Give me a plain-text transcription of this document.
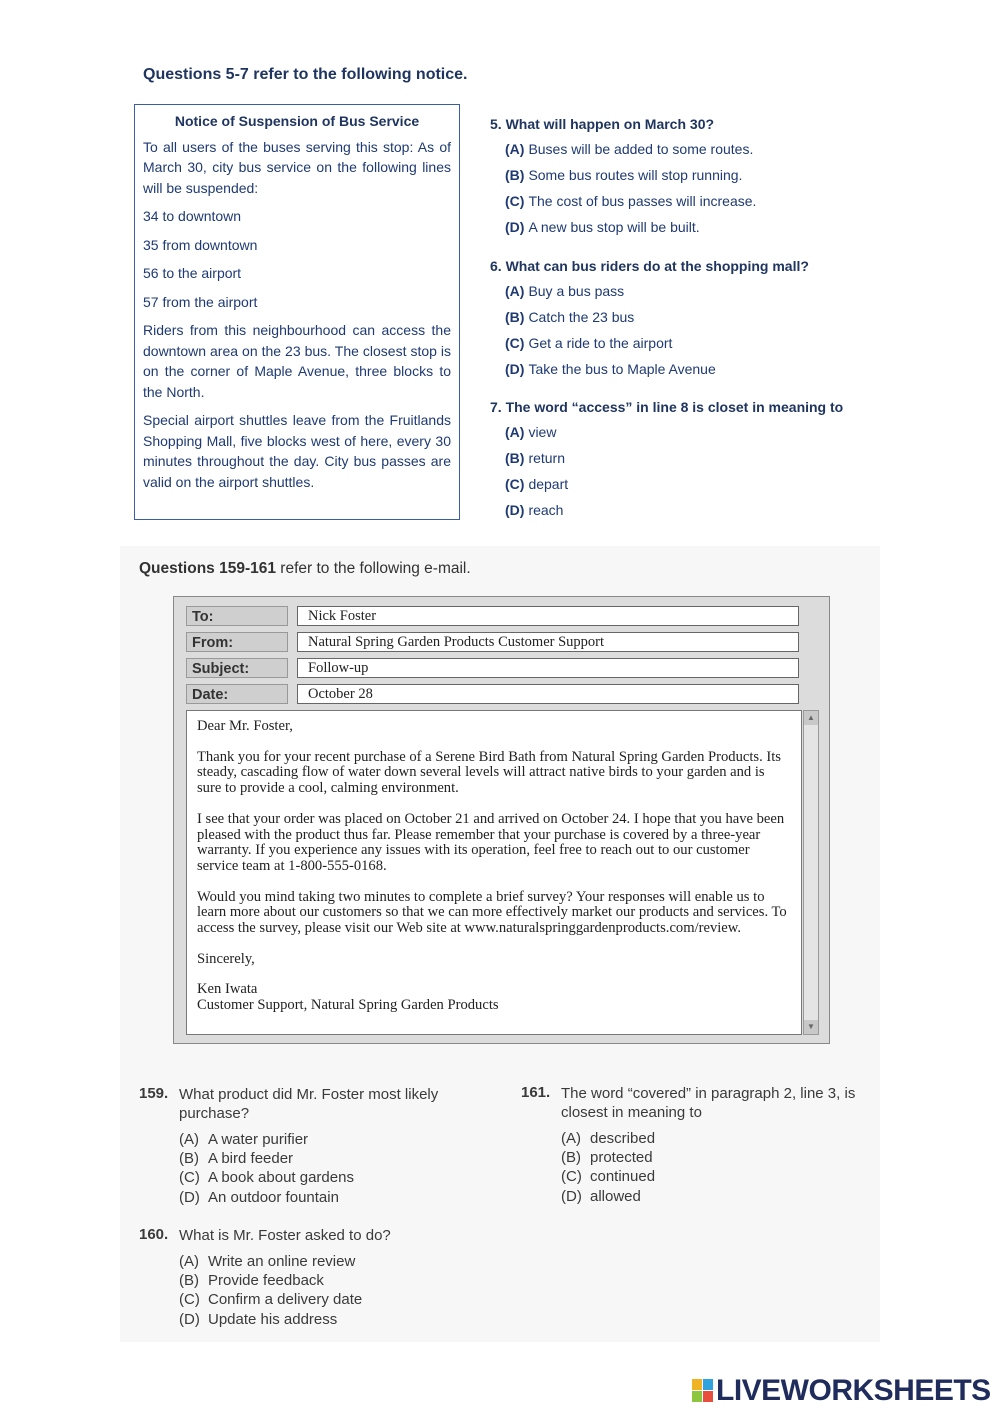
Questions 5-7 refer to the following notice.
Notice of Suspension of Bus Service

To all users of the buses serving this stop: As of March 30, city bus service on the following lines will be suspended:

34 to downtown

35 from downtown

56 to the airport

57 from the airport

Riders from this neighbourhood can access the downtown area on the 23 bus. The closest stop is on the corner of Maple Avenue, three blocks to the North.

Special airport shuttles leave from the Fruitlands Shopping Mall, five blocks west of here, every 30 minutes throughout the day. City bus passes are valid on the airport shuttles.

5. What will happen on March 30?
(A) Buses will be added to some routes.
(B) Some bus routes will stop running.
(C) The cost of bus passes will increase.
(D) A new bus stop will be built.
6. What can bus riders do at the shopping mall?
(A) Buy a bus pass
(B) Catch the 23 bus
(C) Get a ride to the airport
(D) Take the bus to Maple Avenue
7. The word “access” in line 8 is closet in meaning to
(A) view
(B) return
(C) depart
(D) reach
Questions 159-161 refer to the following e-mail.
To:	Nick Foster
From:	Natural Spring Garden Products Customer Support
Subject:	Follow-up
Date:	October 28

Dear Mr. Foster,

Thank you for your recent purchase of a Serene Bird Bath from Natural Spring Garden Products. Its steady, cascading flow of water down several levels will attract native birds to your garden and is sure to provide a cool, calming environment.

I see that your order was placed on October 21 and arrived on October 24. I hope that you have been pleased with the product thus far. Please remember that your purchase is covered by a three-year warranty. If you experience any issues with its operation, feel free to reach out to our customer service team at 1-800-555-0168.

Would you mind taking two minutes to complete a brief survey? Your responses will enable us to learn more about our customers so that we can more effectively market our products and services. To access the survey, please visit our Web site at www.naturalspringgardenproducts.com/review.

Sincerely,

Ken Iwata

Customer Support, Natural Spring Garden Products

▲
▼
159. What product did Mr. Foster most likely purchase?
(A) A water purifier
(B) A bird feeder
(C) A book about gardens
(D) An outdoor fountain
160. What is Mr. Foster asked to do?
(A) Write an online review
(B) Provide feedback
(C) Confirm a delivery date
(D) Update his address
161. The word “covered” in paragraph 2, line 3, is closest in meaning to
(A) described
(B) protected
(C) continued
(D) allowed
LIVEWORKSHEETS
